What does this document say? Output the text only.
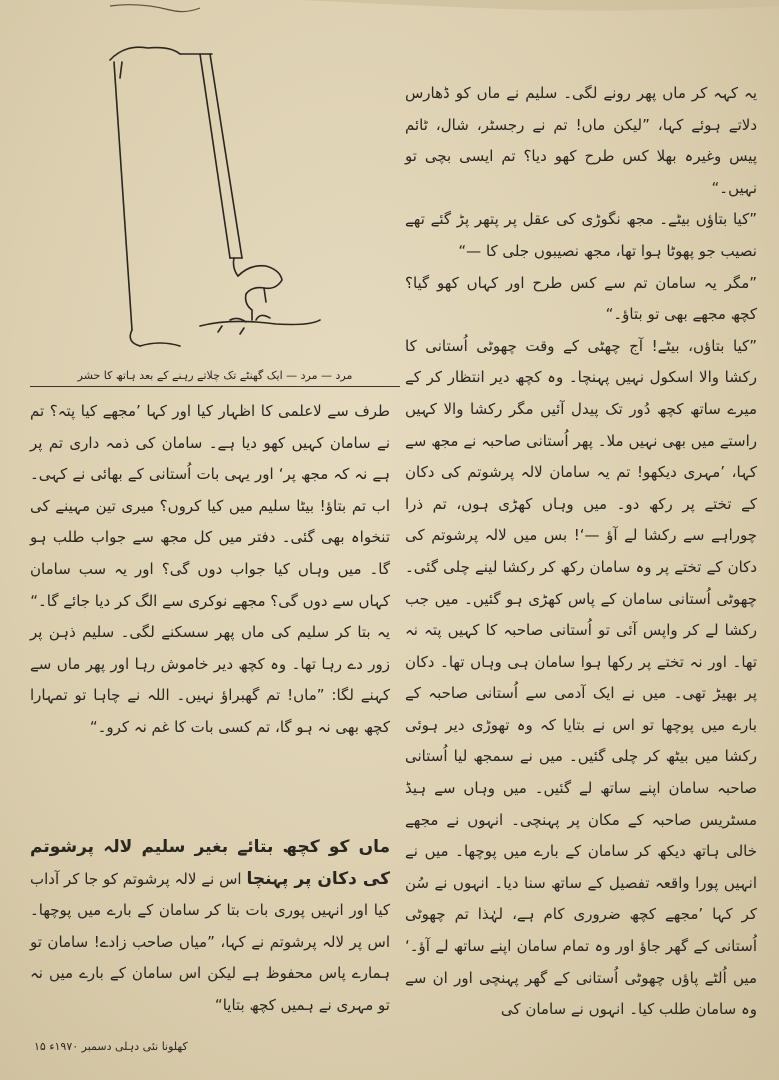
مرد — مرد — ایک گھنٹے تک چلاتے رہنے کے بعد ہاتھ کا حشر

یہ کہہ کر ماں پھر رونے لگی۔ سلیم نے ماں کو ڈھارس دلاتے ہوئے کہا، ”لیکن ماں! تم نے رجسٹر، شال، ٹائم پیس وغیرہ بھلا کس طرح کھو دیا؟ تم ایسی بچی تو نہیں۔“

”کیا بتاؤں بیٹے۔ مجھ نگوڑی کی عقل پر پتھر پڑ گئے تھے نصیب جو پھوٹا ہوا تھا، مجھ نصیبوں جلی کا —“

”مگر یہ سامان تم سے کس طرح اور کہاں کھو گیا؟ کچھ مجھے بھی تو بتاؤ۔“

”کیا بتاؤں، بیٹے! آج چھٹی کے وقت چھوٹی اُستانی کا رکشا والا اسکول نہیں پہنچا۔ وہ کچھ دیر انتظار کر کے میرے ساتھ کچھ دُور تک پیدل آئیں مگر رکشا والا کہیں راستے میں بھی نہیں ملا۔ پھر اُستانی صاحبہ نے مجھ سے کہا، ’مہری دیکھو! تم یہ سامان لالہ پرشوتم کی دکان کے تختے پر رکھ دو۔ میں وہاں کھڑی ہوں، تم ذرا چوراہے سے رکشا لے آؤ —‘! بس میں لالہ پرشوتم کی دکان کے تختے پر وہ سامان رکھ کر رکشا لینے چلی گئی۔ چھوٹی اُستانی سامان کے پاس کھڑی ہو گئیں۔ میں جب رکشا لے کر واپس آئی تو اُستانی صاحبہ کا کہیں پتہ نہ تھا۔ اور نہ تختے پر رکھا ہوا سامان ہی وہاں تھا۔ دکان پر بھیڑ تھی۔ میں نے ایک آدمی سے اُستانی صاحبہ کے بارے میں پوچھا تو اس نے بتایا کہ وہ تھوڑی دیر ہوئی رکشا میں بیٹھ کر چلی گئیں۔ میں نے سمجھ لیا اُستانی صاحبہ سامان اپنے ساتھ لے گئیں۔ میں وہاں سے ہیڈ مسٹریس صاحبہ کے مکان پر پہنچی۔ انہوں نے مجھے خالی ہاتھ دیکھ کر سامان کے بارے میں پوچھا۔ میں نے انہیں پورا واقعہ تفصیل کے ساتھ سنا دیا۔ انہوں نے سُن کر کہا ’مجھے کچھ ضروری کام ہے، لہٰذا تم چھوٹی اُستانی کے گھر جاؤ اور وہ تمام سامان اپنے ساتھ لے آؤ۔‘ میں اُلٹے پاؤں چھوٹی اُستانی کے گھر پہنچی اور ان سے وہ سامان طلب کیا۔ انہوں نے سامان کی

طرف سے لاعلمی کا اظہار کیا اور کہا ’مجھے کیا پتہ؟ تم نے سامان کہیں کھو دیا ہے۔ سامان کی ذمہ داری تم پر ہے نہ کہ مجھ پر‘ اور یہی بات اُستانی کے بھائی نے کہی۔ اب تم بتاؤ! بیٹا سلیم میں کیا کروں؟ میری تین مہینے کی تنخواہ بھی گئی۔ دفتر میں کل مجھ سے جواب طلب ہو گا۔ میں وہاں کیا جواب دوں گی؟ اور یہ سب سامان کہاں سے دوں گی؟ مجھے نوکری سے الگ کر دیا جائے گا۔“

یہ بتا کر سلیم کی ماں پھر سسکنے لگی۔ سلیم ذہن پر زور دے رہا تھا۔ وہ کچھ دیر خاموش رہا اور پھر ماں سے کہنے لگا: ”ماں! تم گھبراؤ نہیں۔ اللہ نے چاہا تو تمہارا کچھ بھی نہ ہو گا، تم کسی بات کا غم نہ کرو۔“

ماں کو کچھ بتائے بغیر سلیم لالہ پرشوتم کی دکان پر پہنچا اس نے لالہ پرشوتم کو جا کر آداب کیا اور انہیں پوری بات بتا کر سامان کے بارے میں پوچھا۔ اس پر لالہ پرشوتم نے کہا، ”میاں صاحب زادے! سامان تو ہمارے پاس محفوظ ہے لیکن اس سامان کے بارے میں نہ تو مہری نے ہمیں کچھ بتایا“

کھلونا نئی دہلی دسمبر ۱۹۷۰ء ۱۵
